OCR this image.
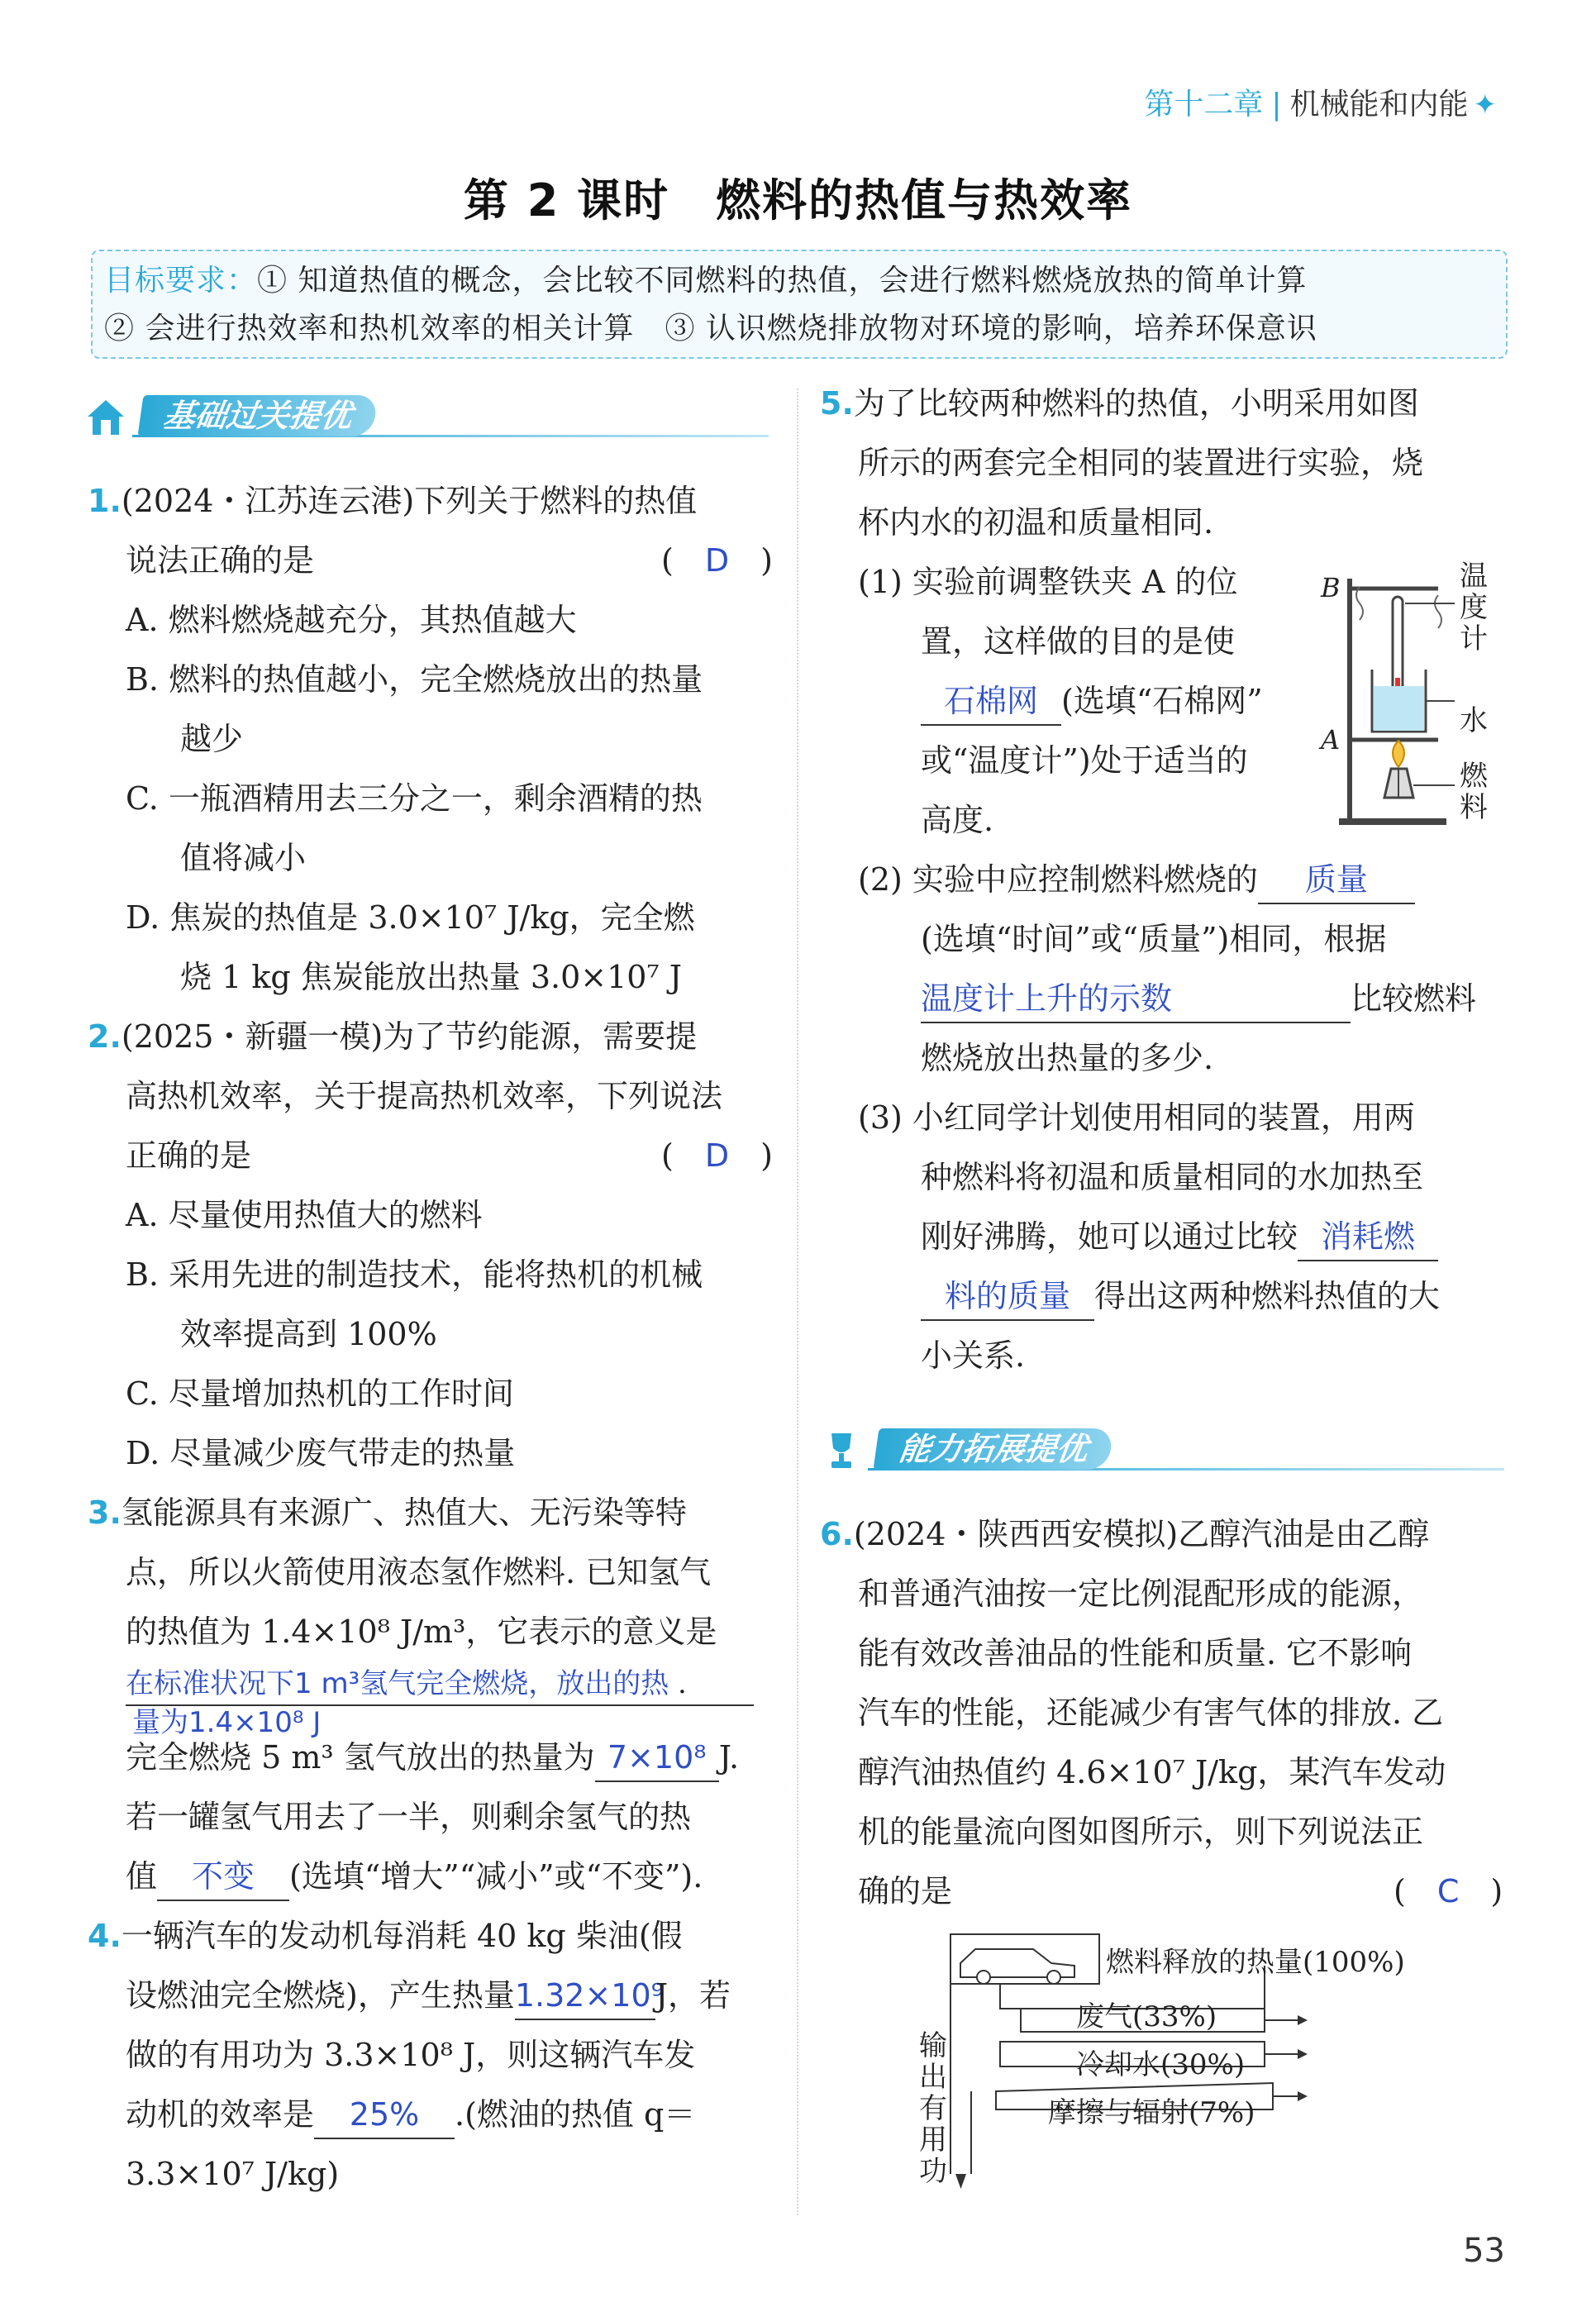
第十二章 | 机械能和内能 ✦
第 2 课时　燃料的热值与热效率
目标要求：① 知道热值的概念，会比较不同燃料的热值，会进行燃料燃烧放热的简单计算
② 会进行热效率和热机效率的相关计算　③ 认识燃烧排放物对环境的影响，培养环保意识
基础过关提优
1.(2024・江苏连云港)下列关于燃料的热值
说法正确的是	(　D　)
A. 燃料燃烧越充分，其热值越大
B. 燃料的热值越小，完全燃烧放出的热量
越少
C. 一瓶酒精用去三分之一，剩余酒精的热
值将减小
D. 焦炭的热值是 3.0×10⁷ J/kg，完全燃
烧 1 kg 焦炭能放出热量 3.0×10⁷ J
2.(2025・新疆一模)为了节约能源，需要提
高热机效率，关于提高热机效率，下列说法
正确的是	(　D　)
A. 尽量使用热值大的燃料
B. 采用先进的制造技术，能将热机的机械
效率提高到 100%
C. 尽量增加热机的工作时间
D. 尽量减少废气带走的热量
3.氢能源具有来源广、热值大、无污染等特
点，所以火箭使用液态氢作燃料. 已知氢气
的热值为 1.4×10⁸ J/m³，它表示的意义是
在标准状况下1 m³氢气完全燃烧，放出的热 .
量为1.4×10⁸ J
完全燃烧 5 m³ 氢气放出的热量为 7×10⁸ J.
若一罐氢气用去了一半，则剩余氢气的热
值 不变 (选填“增大”“减小”或“不变”).
4.一辆汽车的发动机每消耗 40 kg 柴油(假
设燃油完全燃烧)，产生热量1.32×10⁹J，若
做的有用功为 3.3×10⁸ J，则这辆汽车发
动机的效率是 25% .(燃油的热值 q＝
3.3×10⁷ J/kg)
5.为了比较两种燃料的热值，小明采用如图
所示的两套完全相同的装置进行实验，烧
杯内水的初温和质量相同.
(1) 实验前调整铁夹 A 的位
置，这样做的目的是使
石棉网 (选填“石棉网”
或“温度计”)处于适当的
高度.
B
A
温
度
计
水
燃
料
(2) 实验中应控制燃料燃烧的 质量
(选填“时间”或“质量”)相同，根据
温度计上升的示数	比较燃料
燃烧放出热量的多少.
(3) 小红同学计划使用相同的装置，用两
种燃料将初温和质量相同的水加热至
刚好沸腾，她可以通过比较 消耗燃
料的质量 得出这两种燃料热值的大
小关系.
能力拓展提优
6.(2024・陕西西安模拟)乙醇汽油是由乙醇
和普通汽油按一定比例混配形成的能源，
能有效改善油品的性能和质量. 它不影响
汽车的性能，还能减少有害气体的排放. 乙
醇汽油热值约 4.6×10⁷ J/kg，某汽车发动
机的能量流向图如图所示，则下列说法正
确的是	(　C　)
燃料释放的热量(100%)
废气(33%)
冷却水(30%)
摩擦与辐射(7%)
输
出
有
用
功
53
